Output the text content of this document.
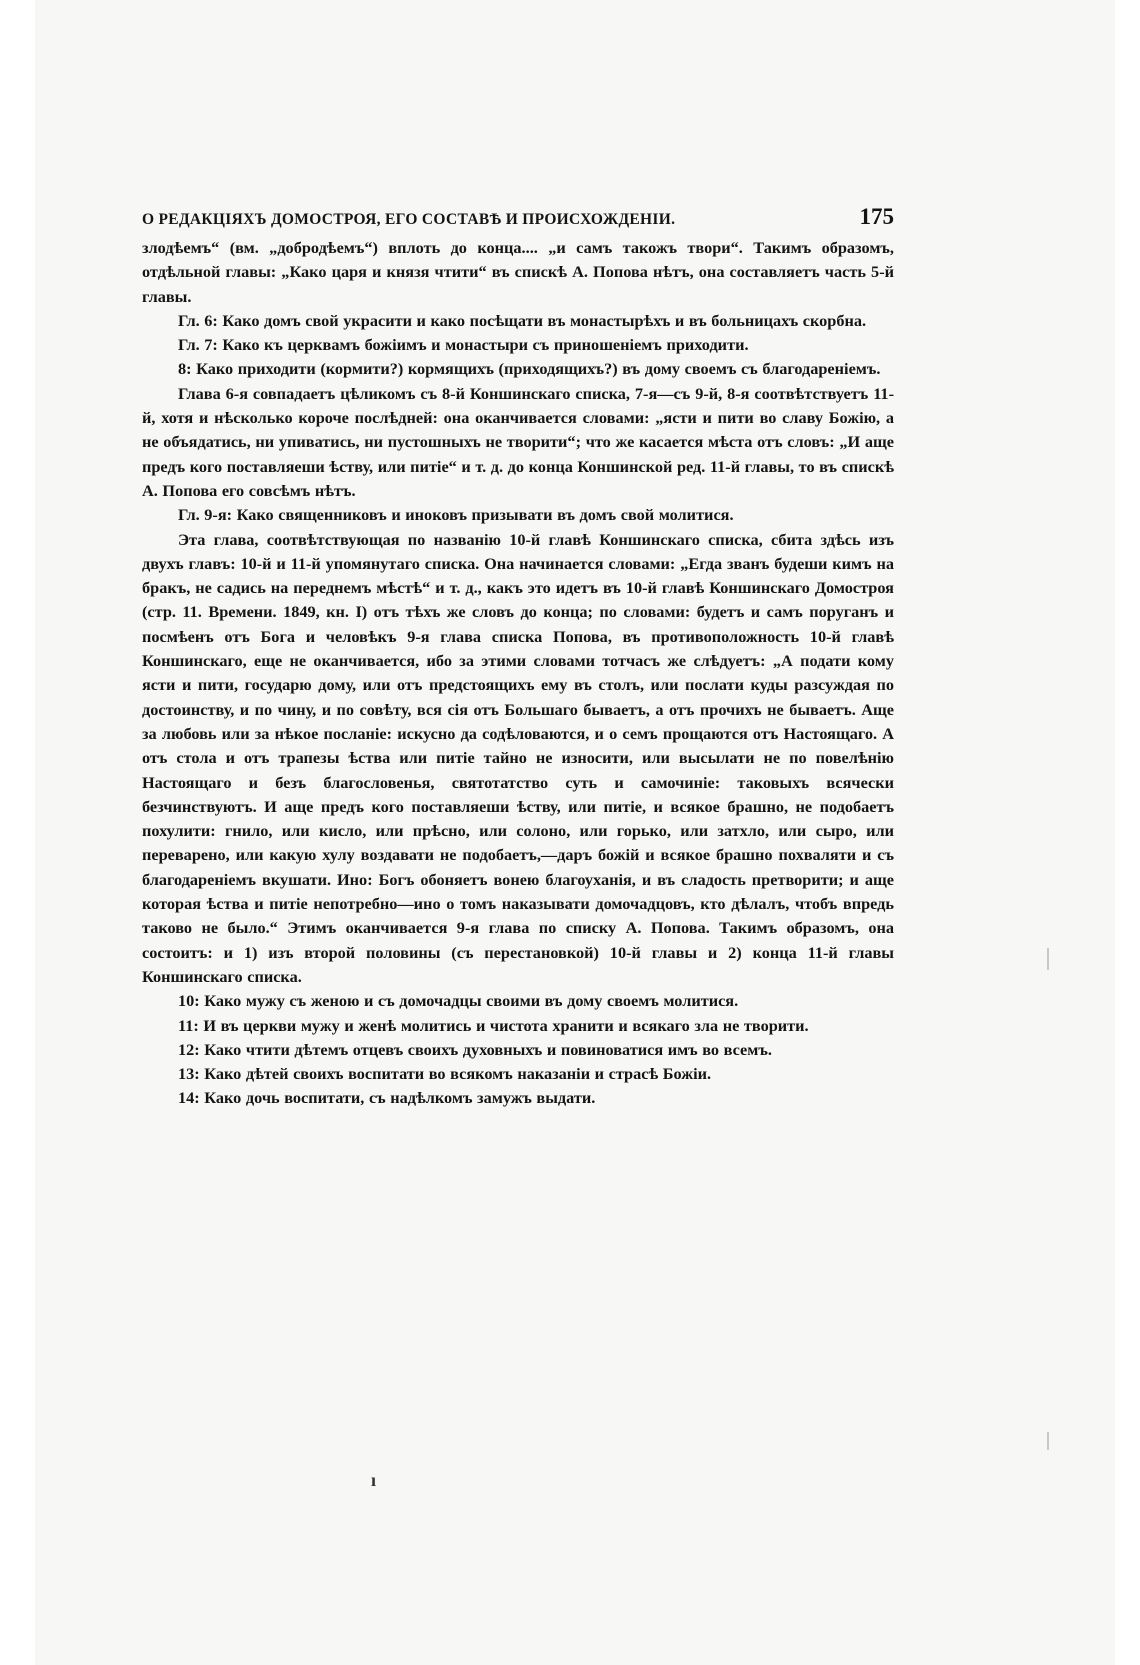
О РЕДАКЦІЯХЪ ДОМОСТРОЯ, ЕГО СОСТАВѢ И ПРОИСХОЖДЕНІИ.	175

злодѣемъ“ (вм. „добродѣемъ“) вплоть до конца.... „и самъ такожъ твори“. Такимъ образомъ, отдѣльной главы: „Како царя и князя чтити“ въ спискѣ А. Попова нѣтъ, она составляетъ часть 5-й главы.

Гл. 6: Како домъ свой украсити и како посѣщати въ монастырѣхъ и въ больницахъ скорбна.

Гл. 7: Како къ церквамъ божіимъ и монастыри съ приношеніемъ приходити.

8: Како приходити (кормити?) кормящихъ (приходящихъ?) въ дому своемъ съ благодареніемъ.

Глава 6-я совпадаетъ цѣликомъ съ 8-й Коншинскаго списка, 7-я—съ 9-й, 8-я соотвѣтствуетъ 11-й, хотя и нѣсколько короче послѣдней: она оканчивается словами: „ясти и пити во славу Божію, а не объядатись, ни упиватись, ни пустошныхъ не творити“; что же касается мѣста отъ словъ: „И аще предъ кого поставляеши ѣству, или питіе“ и т. д. до конца Коншинской ред. 11-й главы, то въ спискѣ А. Попова его совсѣмъ нѣтъ.

Гл. 9-я: Како священниковъ и иноковъ призывати въ домъ свой молитися.

Эта глава, соотвѣтствующая по названію 10-й главѣ Коншинскаго списка, сбита здѣсь изъ двухъ главъ: 10-й и 11-й упомянутаго списка. Она начинается словами: „Егда званъ будеши кимъ на бракъ, не садись на переднемъ мѣстѣ“ и т. д., какъ это идетъ въ 10-й главѣ Коншинскаго Домостроя (стр. 11. Времени. 1849, кн. I) отъ тѣхъ же словъ до конца; по словами: будетъ и самъ поруганъ и посмѣенъ отъ Бога и человѣкъ 9-я глава списка Попова, въ противоположность 10-й главѣ Коншинскаго, еще не оканчивается, ибо за этими словами тотчасъ же слѣдуетъ: „А подати кому ясти и пити, государю дому, или отъ предстоящихъ ему въ столъ, или послати куды разсуждая по достоинству, и по чину, и по совѣту, вся сія отъ Большаго бываетъ, а отъ прочихъ не бываетъ. Аще за любовь или за нѣкое посланіе: искусно да содѣловаются, и о семъ прощаются отъ Настоящаго. А отъ стола и отъ трапезы ѣства или питіе тайно не износити, или высылати не по повелѣнію Настоящаго и безъ благословенья, святотатство суть и самочиніе: таковыхъ всячески безчинствуютъ. И аще предъ кого поставляеши ѣству, или питіе, и всякое брашно, не подобаетъ похулити: гнило, или кисло, или прѣсно, или солоно, или горько, или затхло, или сыро, или переварено, или какую хулу воздавати не подобаетъ,—даръ божій и всякое брашно похваляти и съ благодареніемъ вкушати. Ино: Богъ обоняетъ вонею благоуханія, и въ сладость претворити; и аще которая ѣства и питіе непотребно—ино о томъ наказывати домочадцовъ, кто дѣлалъ, чтобъ впредь таково не было.“ Этимъ оканчивается 9-я глава по списку А. Попова. Такимъ образомъ, она состоитъ: и 1) изъ второй половины (съ перестановкой) 10-й главы и 2) конца 11-й главы Коншинскаго списка.

10: Како мужу съ женою и съ домочадцы своими въ дому своемъ молитися.

11: И въ церкви мужу и женѣ молитись и чистота хранити и всякаго зла не творити.

12: Како чтити дѣтемъ отцевъ своихъ духовныхъ и повиноватися имъ во всемъ.

13: Како дѣтей своихъ воспитати во всякомъ наказаніи и страсѣ Божіи.

14: Како дочь воспитати, съ надѣлкомъ замужъ выдати.

ı
